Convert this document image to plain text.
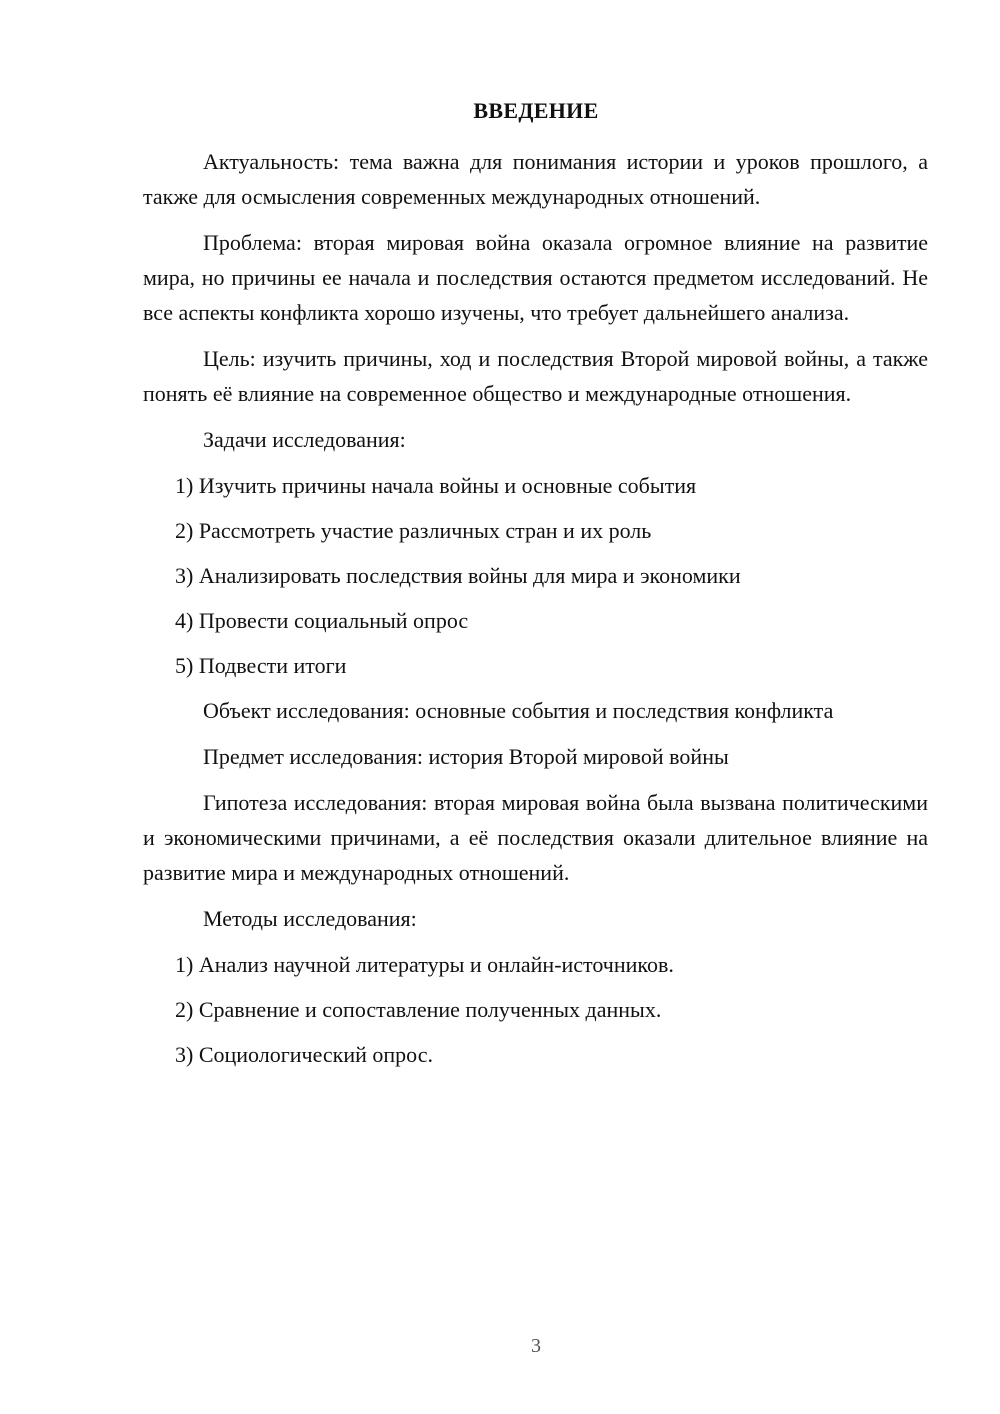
ВВЕДЕНИЕ

Актуальность: тема важна для понимания истории и уроков прошлого, а также для осмысления современных международных отношений.

Проблема: вторая мировая война оказала огромное влияние на развитие мира, но причины ее начала и последствия остаются предметом исследований. Не все аспекты конфликта хорошо изучены, что требует дальнейшего анализа.

Цель: изучить причины, ход и последствия Второй мировой войны, а также понять её влияние на современное общество и международные отношения.

Задачи исследования:

1) Изучить причины начала войны и основные события

2) Рассмотреть участие различных стран и их роль

3) Анализировать последствия войны для мира и экономики

4) Провести социальный опрос

5) Подвести итоги

Объект исследования: основные события и последствия конфликта

Предмет исследования: история Второй мировой войны

Гипотеза исследования: вторая мировая война была вызвана политическими и экономическими причинами, а её последствия оказали длительное влияние на развитие мира и международных отношений.

Методы исследования:

1) Анализ научной литературы и онлайн-источников.

2) Сравнение и сопоставление полученных данных.

3) Социологический опрос.

3
